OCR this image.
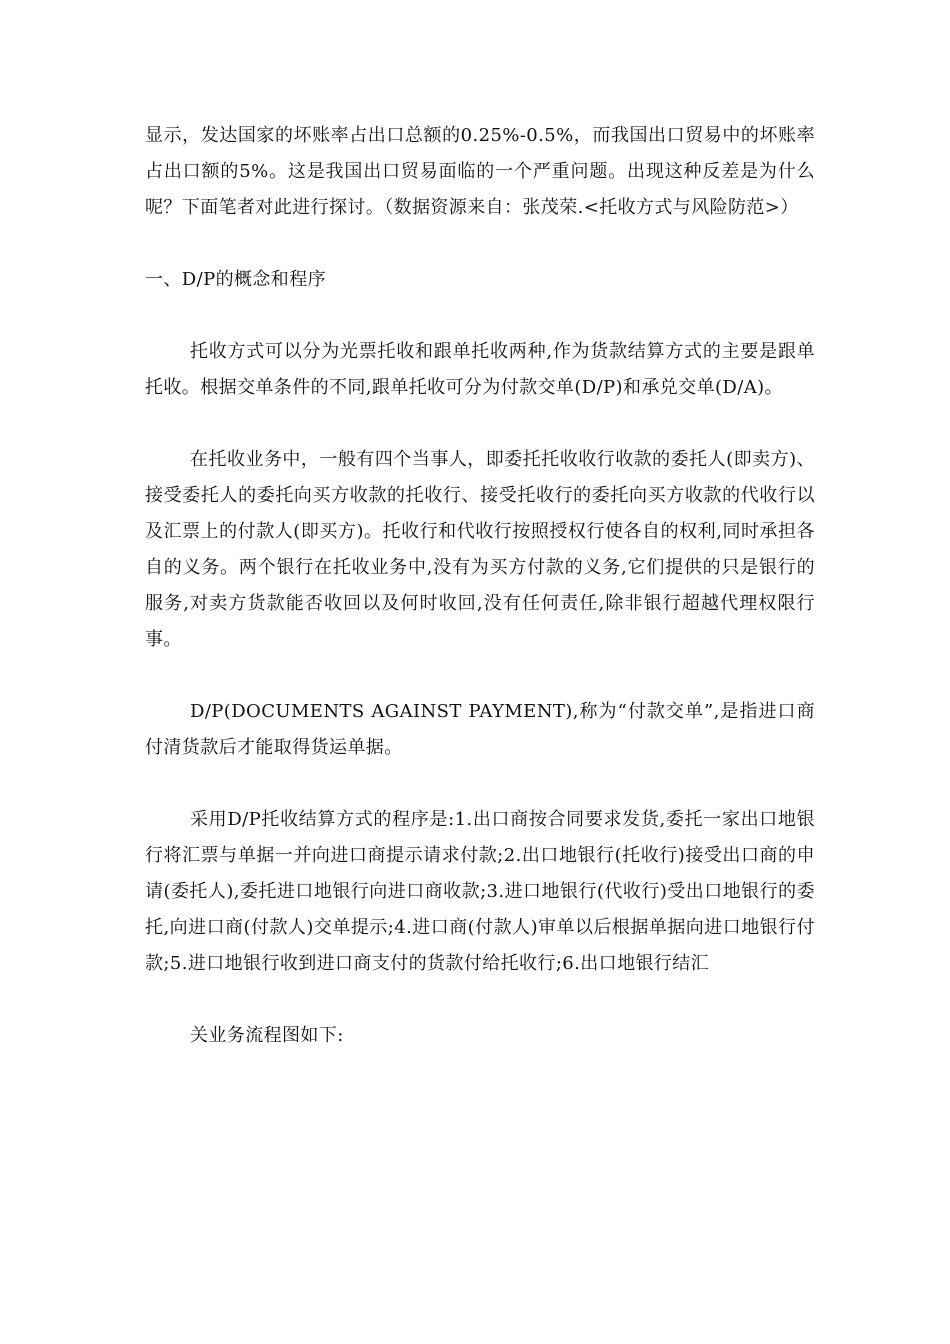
显示，发达国家的坏账率占出口总额的0.25%-0.5%，而我国出口贸易中的坏账率占出口额的5%。这是我国出口贸易面临的一个严重问题。出现这种反差是为什么呢？下面笔者对此进行探讨。（数据资源来自：张茂荣.<托收方式与风险防范>）

一、D/P的概念和程序

托收方式可以分为光票托收和跟单托收两种,作为货款结算方式的主要是跟单托收。根据交单条件的不同,跟单托收可分为付款交单(D/P)和承兑交单(D/A)。

在托收业务中，一般有四个当事人，即委托托收收行收款的委托人(即卖方)、接受委托人的委托向买方收款的托收行、接受托收行的委托向买方收款的代收行以及汇票上的付款人(即买方)。托收行和代收行按照授权行使各自的权利,同时承担各自的义务。两个银行在托收业务中,没有为买方付款的义务,它们提供的只是银行的服务,对卖方货款能否收回以及何时收回,没有任何责任,除非银行超越代理权限行事。

D/P(DOCUMENTS AGAINST PAYMENT),称为“付款交单”,是指进口商付清货款后才能取得货运单据。

采用D/P托收结算方式的程序是:1.出口商按合同要求发货,委托一家出口地银行将汇票与单据一并向进口商提示请求付款;2.出口地银行(托收行)接受出口商的申请(委托人),委托进口地银行向进口商收款;3.进口地银行(代收行)受出口地银行的委托,向进口商(付款人)交单提示;4.进口商(付款人)审单以后根据单据向进口地银行付款;5.进口地银行收到进口商支付的货款付给托收行;6.出口地银行结汇

关业务流程图如下:
